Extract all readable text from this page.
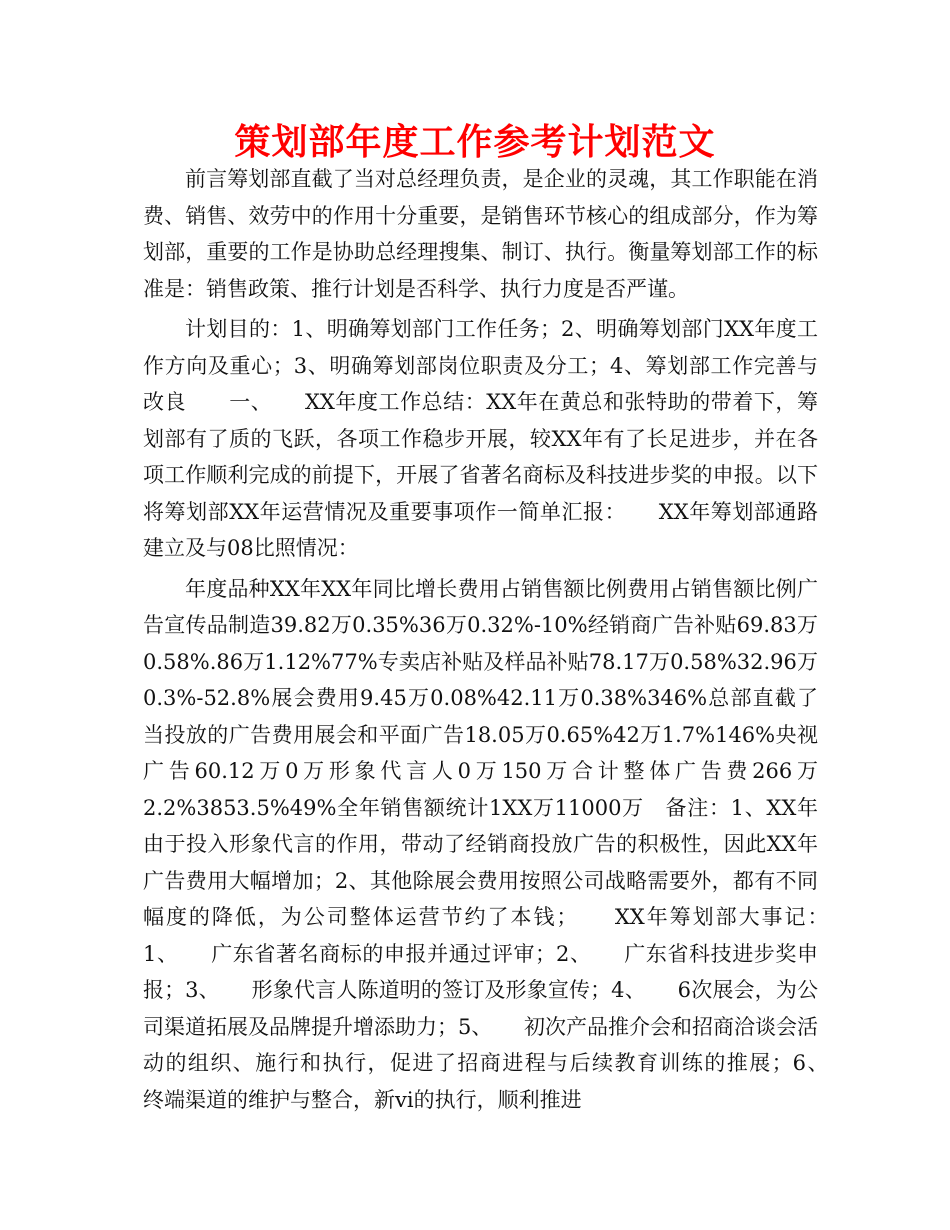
策划部年度工作参考计划范文

前言筹划部直截了当对总经理负责，是企业的灵魂，其工作职能在消费、销售、效劳中的作用十分重要，是销售环节核心的组成部分，作为筹划部，重要的工作是协助总经理搜集、制订、执行。衡量筹划部工作的标准是：销售政策、推行计划是否科学、执行力度是否严谨。

计划目的：1、明确筹划部门工作任务；2、明确筹划部门XX年度工作方向及重心；3、明确筹划部岗位职责及分工；4、筹划部工作完善与改良　　一、　　XX年度工作总结：XX年在黄总和张特助的带着下，筹划部有了质的飞跃，各项工作稳步开展，较XX年有了长足进步，并在各项工作顺利完成的前提下，开展了省著名商标及科技进步奖的申报。以下将筹划部XX年运营情况及重要事项作一简单汇报：　　XX年筹划部通路建立及与08比照情况：

年度品种XX年XX年同比增长费用占销售额比例费用占销售额比例广告宣传品制造39.82万0.35%36万0.32%-10%经销商广告补贴69.83万0.58%.86万1.12%77%专卖店补贴及样品补贴78.17万0.58%32.96万0.3%-52.8%展会费用9.45万0.08%42.11万0.38%346%总部直截了当投放的广告费用展会和平面广告18.05万0.65%42万1.7%146%央视广告60.12万0万形象代言人0万150万合计整体广告费266万2.2%3853.5%49%全年销售额统计1XX万11000万　备注：1、XX年由于投入形象代言的作用，带动了经销商投放广告的积极性，因此XX年广告费用大幅增加；2、其他除展会费用按照公司战略需要外，都有不同幅度的降低，为公司整体运营节约了本钱；　　XX年筹划部大事记：　　1、　　广东省著名商标的申报并通过评审；2、　　广东省科技进步奖申报；3、　　形象代言人陈道明的签订及形象宣传；4、　　6次展会，为公司渠道拓展及品牌提升增添助力；5、　　初次产品推介会和招商洽谈会活动的组织、施行和执行，促进了招商进程与后续教育训练的推展；6、　　终端渠道的维护与整合，新vi的执行，顺利推进
